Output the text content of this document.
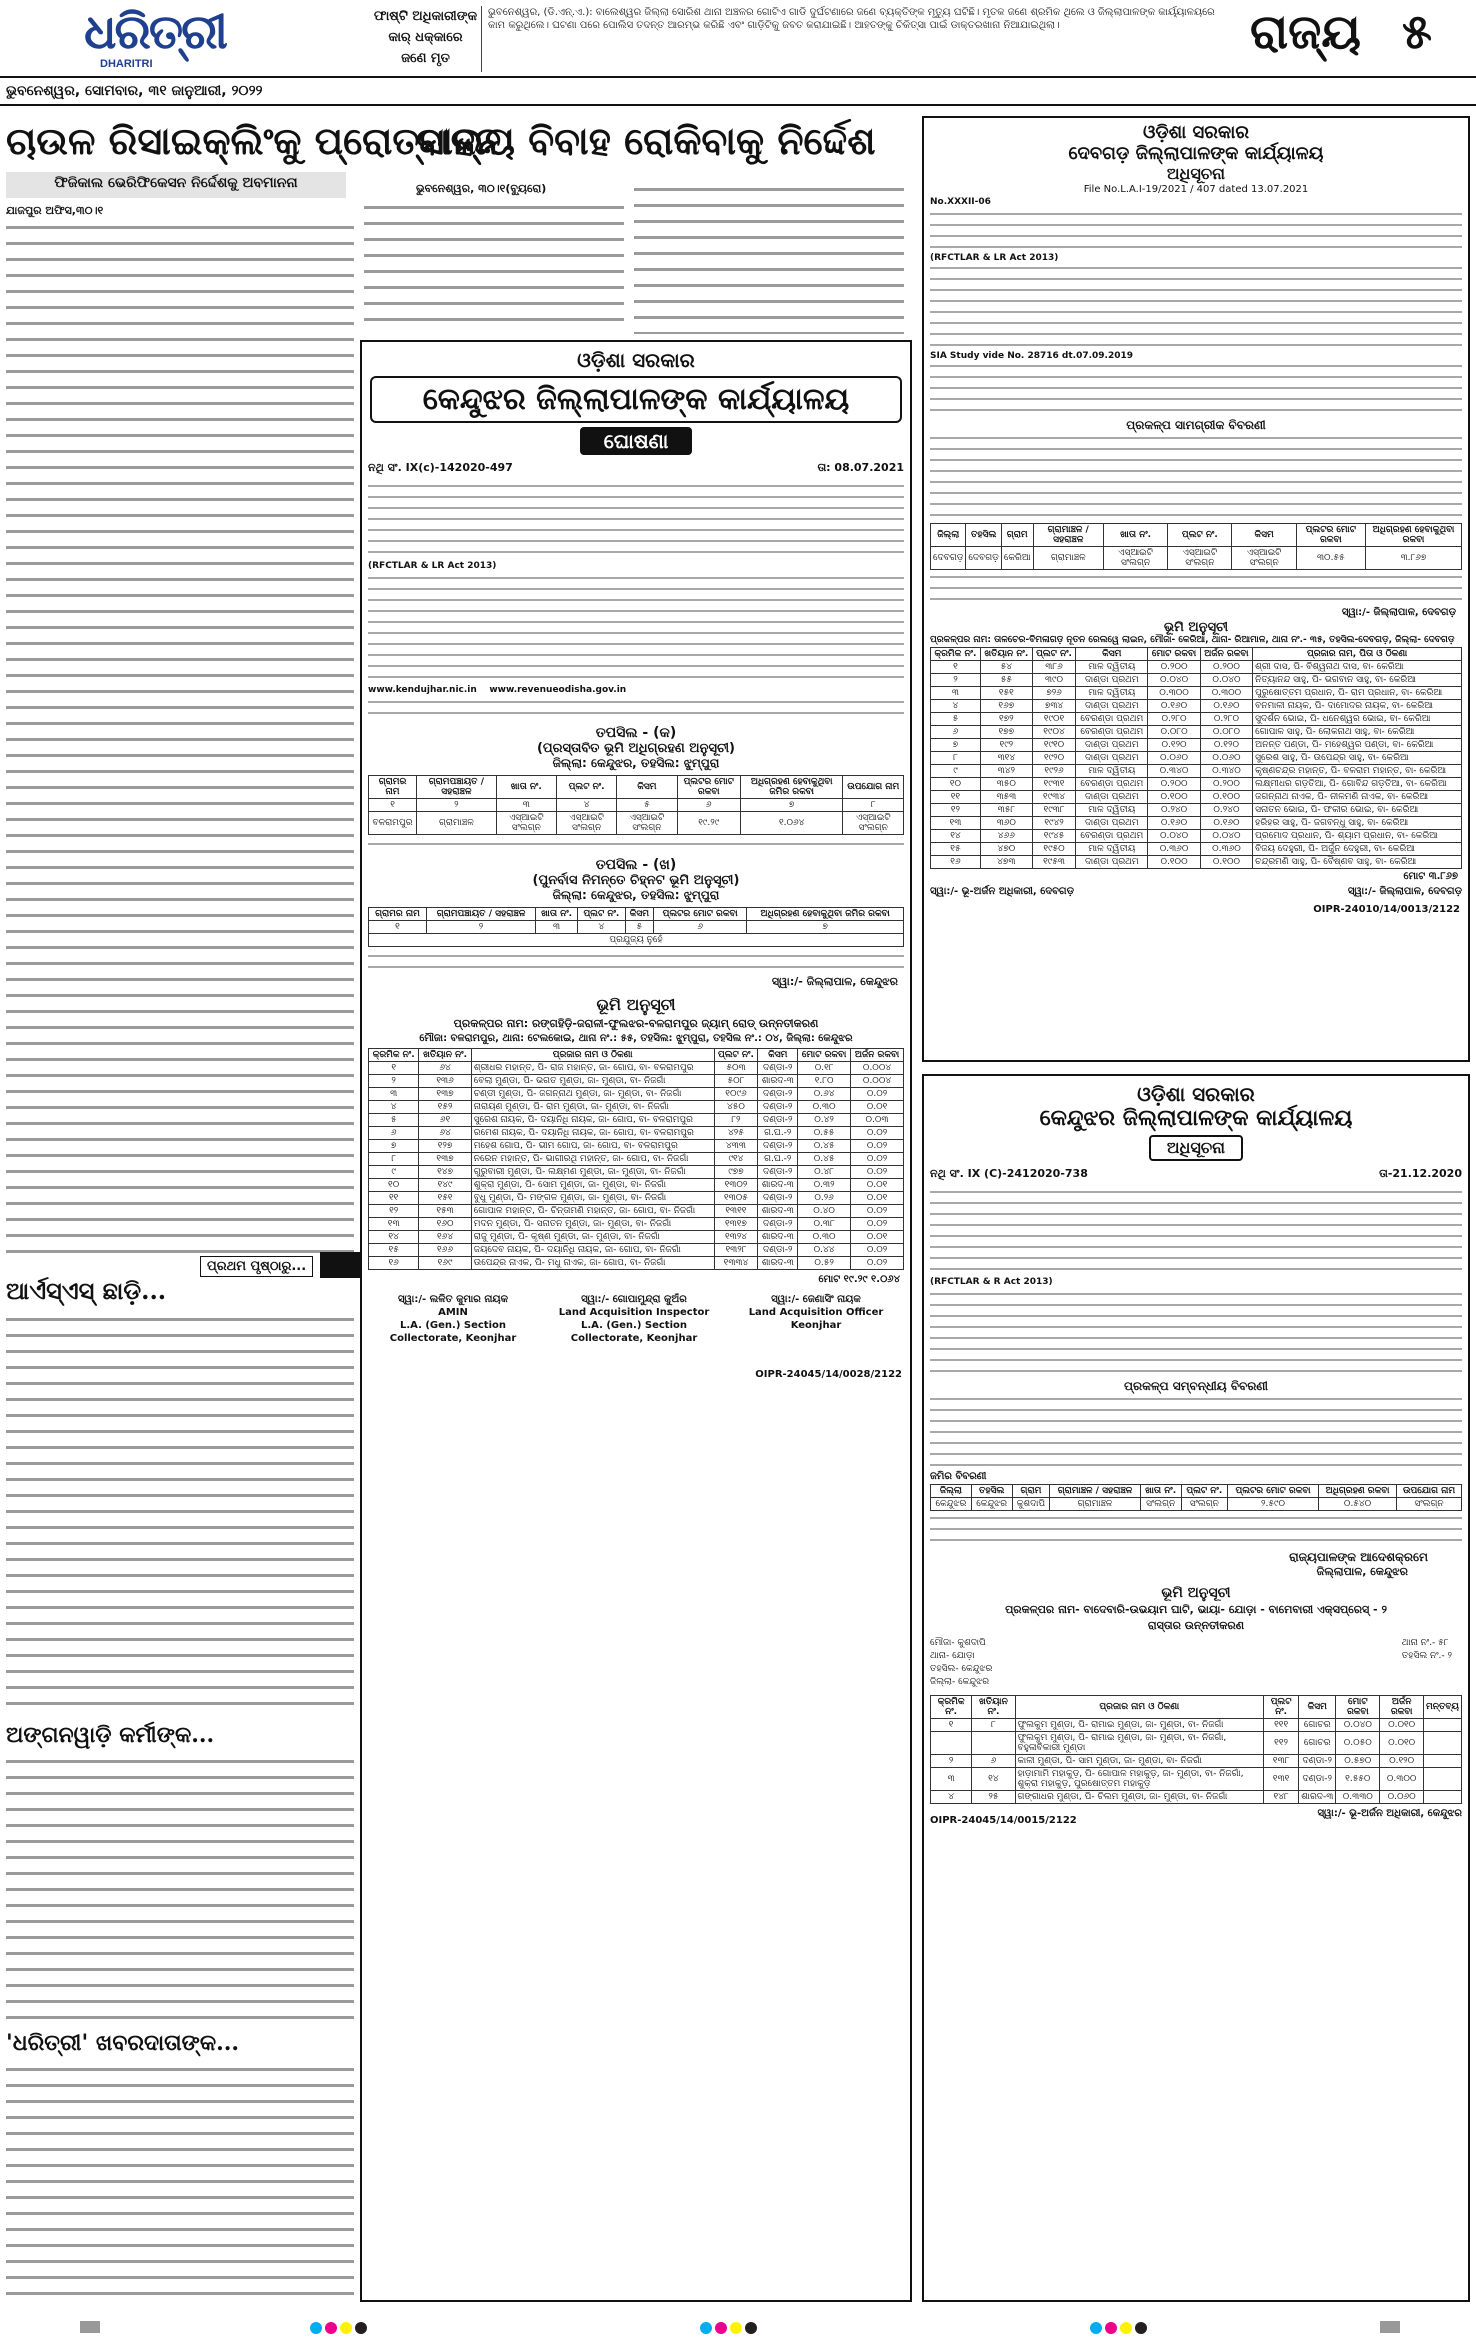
ଧରିତ୍ରୀ
DHARITRI
ଫାଷ୍ଟି ଅଧିକାରୀଙ୍କ
କାର୍ ଧକ୍କାରେ
ଜଣେ ମୃତ
ଭୁବନେଶ୍ୱର, (ଡି.ଏନ୍.ଏ.): ବାଲେଶ୍ୱର ଜିଲ୍ଲା ସୋରିଶ ଥାନା ଅଞ୍ଚଳର ଗୋଟିଏ ଗାଡି ଦୁର୍ଘଟଣାରେ ଜଣେ ବ୍ୟକ୍ତିଙ୍କ ମୃତ୍ୟୁ ଘଟିଛି। ମୃତକ ଜଣେ ଶ୍ରମିକ ଥିଲେ ଓ ଜିଲ୍ଲାପାଳଙ୍କ କାର୍ୟ୍ୟାଳୟରେ କାମ କରୁଥିଲେ। ଘଟଣା ପରେ ପୋଲିସ ତଦନ୍ତ ଆରମ୍ଭ କରିଛି ଏବଂ ଗାଡ଼ିଟିକୁ ଜବତ କରାଯାଇଛି। ଆହତଙ୍କୁ ଚିକିତ୍ସା ପାଇଁ ଡାକ୍ତରଖାନା ନିଆଯାଇଥିଲା।	ରାଜ୍ୟ ୫
ଭୁବନେଶ୍ୱର, ସୋମବାର, ୩୧ ଜାନୁଆରୀ, ୨୦୨୨
ଚାଉଳ ରିସାଇକ୍ଲିଂକୁ ପ୍ରୋତ୍ସାହନ
ବାଲ୍ୟ ବିବାହ ରୋକିବାକୁ ନିର୍ଦ୍ଦେଶ
ଫିଜିକାଲ ଭେରିଫିକେସନ ନିର୍ଦ୍ଦେଶକୁ ଅବମାନନା
ଯାଜପୁର ଅଫିସ,୩୦।୧
ଭୁବନେଶ୍ୱର, ୩୦।୧(ବ୍ୟୁରୋ)
ପ୍ରଥମ ପୃଷ୍ଠାରୁ...
ଆର୍ଏସ୍ଏସ୍ ଛାଡ଼ି...
ଅଙ୍ଗନୱାଡ଼ି କର୍ମୀଙ୍କ...
'ଧରିତ୍ରୀ' ଖବରଦାତାଙ୍କ...
ଓଡ଼ିଶା ସରକାର
କେନ୍ଦୁଝର ଜିଲ୍ଲାପାଳଙ୍କ କାର୍ଯ୍ୟାଳୟ
ଘୋଷଣା
ନଥି ସଂ. IX(c)-142020-497	ତା: 08.07.2021
(RFCTLAR & LR Act 2013)
www.kendujhar.nic.in www.revenueodisha.gov.in
ତପସିଲ - (କ)
(ପ୍ରସ୍ତାବିତ ଭୂମି ଅଧିଗ୍ରହଣ ଅନୁସୂଚୀ)
ଜିଲ୍ଲା: କେନ୍ଦୁଝର, ତହସିଲ: ଝୁମ୍ପୁରା
ଗ୍ରାମର ନାମ	ଗ୍ରାମପଞ୍ଚାୟତ / ସହରାଞ୍ଚଳ	ଖାତା ନଂ.	ପ୍ଲଟ ନଂ.	କିସମ	ପ୍ଲଟର ମୋଟ ରକବା	ଅଧିଗ୍ରହଣ ହେବାକୁଥିବା ଜମିର ରକବା	ଉପଯୋଗ ନାମ
୧	୨	୩	୪	୫	୬	୭	୮
ବଳରାମପୁର	ଗ୍ରାମାଞ୍ଚଳ	ଏସ୍ଆଇଟି ସଂଲଗ୍ନ	ଏସ୍ଆଇଟି ସଂଲଗ୍ନ	ଏସ୍ଆଇଟି ସଂଲଗ୍ନ	୧୯.୨୯	୧.୦୬୪	ଏସ୍ଆଇଟି ସଂଲଗ୍ନ
ତପସିଲ - (ଖ)
(ପୁନର୍ବାସ ନିମନ୍ତେ ଚିହ୍ନଟ ଭୂମି ଅନୁସୂଚୀ)
ଜିଲ୍ଲା: କେନ୍ଦୁଝର, ତହସିଲ: ଝୁମ୍ପୁରା
ଗ୍ରାମର ନାମ	ଗ୍ରାମପଞ୍ଚାୟତ / ସହରାଞ୍ଚଳ	ଖାତା ନଂ.	ପ୍ଲଟ ନଂ.	କିସମ	ପ୍ଲଟର ମୋଟ ରକବା	ଅଧିଗ୍ରହଣ ହେବାକୁଥିବା ଜମିର ରକବା
୧	୨	୩	୪	୫	୬	୭
ପ୍ରଯୁଜ୍ୟ ନୁହେଁ						
ସ୍ୱା:/- ଜିଲ୍ଲାପାଳ, କେନ୍ଦୁଝର
ଭୂମି ଅନୁସୂଚୀ
ପ୍ରକଳ୍ପର ନାମ: ରଙ୍ଗହିଡ଼ି-ଜରାଳୀ-ଫୁଲଝର-ବଳରାମପୁର ଜ୍ୟାମ୍ ରୋଡ୍ ଉନ୍ନତୀକରଣ
ମୌଜା: ବଳରାମପୁର, ଥାନା: ଟେଲକୋଇ, ଥାନା ନଂ.: ୫୫, ତହସିଲ: ଝୁମ୍ପୁରା, ତହସିଲ ନଂ.: ୦୪, ଜିଲ୍ଲା: କେନ୍ଦୁଝର
କ୍ରମିକ ନଂ.	ଖତିୟାନ ନଂ.	ପ୍ରଜାର ନାମ ଓ ଠିକଣା	ପ୍ଲଟ ନଂ.	କିସମ	ମୋଟ ରକବା	ଅର୍ଜନ ରକବା
୧	୬୪	ଶ୍ରୀଧର ମହାନ୍ତ, ପି- ରାଜ ମହାନ୍ତ, ଜା- ଗୋପ, ବା- ବଳରାମପୁର	୫୦୩	ଦଣ୍ଡା-୨	୦.୧୮	୦.୦୦୪
୨	୧୩୬	ବେଲା ମୁଣ୍ଡା, ପି- ଭଗତ ମୁଣ୍ଡା, ଜା- ମୁଣ୍ଡା, ବା- ନିଜଗାଁ	୫୦୮	ଶାରଦ-୩	୧.୮୦	୦.୦୦୪
୩	୧୩୭	ଚଣ୍ଡୀ ମୁଣ୍ଡା, ପି- ଜଗନ୍ନାଥ ମୁଣ୍ଡା, ଜା- ମୁଣ୍ଡା, ବା- ନିଜଗାଁ	୧୦୯୬	ଦଣ୍ଡା-୨	୦.୬୪	୦.୦୨
୪	୧୫୨	ନାରାୟଣ ମୁଣ୍ଡା, ପି- ରାମ ମୁଣ୍ଡା, ଜା- ମୁଣ୍ଡା, ବା- ନିଜଗାଁ	୪୫୦	ଦଣ୍ଡା-୨	୦.୩୦	୦.୦୧
୫	୬୧	ସୁରେଶ ନାୟକ, ପି- ଦୟାନିଧି ନାୟକ, ଜା- ଗୋପ, ବା- ବଳରାମପୁର	୮୨	ଦଣ୍ଡା-୨	୦.୪୨	୦.୦୩
୬	୬୪	ରମେଶ ନାୟକ, ପି- ଦୟାନିଧି ନାୟକ, ଜା- ଗୋପ, ବା- ବଳରାମପୁର	୪୨୫	ଗ.ଘ.-୨	୦.୫୫	୦.୦୨
୭	୧୨୭	ମହେଶ ଗୋପ, ପି- ଭୀମ ଗୋପ, ଜା- ଗୋପ, ବା- ବଳରାମପୁର	୪୩୩	ଦଣ୍ଡା-୨	୦.୪୫	୦.୦୨
୮	୧୩୭	ନରେନ ମହାନ୍ତ, ପି- ଭାଗୀରଥି ମହାନ୍ତ, ଜା- ଗୋପ, ବା- ନିଜଗାଁ	୯୧୪	ଗ.ଘ.-୨	୦.୪୫	୦.୦୨
୯	୧୪୭	ଗୁରୁବାରୀ ମୁଣ୍ଡା, ପି- ଲକ୍ଷ୍ମଣ ମୁଣ୍ଡା, ଜା- ମୁଣ୍ଡା, ବା- ନିଜଗାଁ	୯୭୭	ଦଣ୍ଡା-୨	୦.୪୮	୦.୦୨
୧୦	୧୪୯	ଶୁକ୍ରା ମୁଣ୍ଡା, ପି- ସୋମ ମୁଣ୍ଡା, ଜା- ମୁଣ୍ଡା, ବା- ନିଜଗାଁ	୧୩୦୨	ଶାରଦ-୩	୦.୩୨	୦.୦୧
୧୧	୧୫୧	ବୁଧୁ ମୁଣ୍ଡା, ପି- ମଙ୍ଗଳ ମୁଣ୍ଡା, ଜା- ମୁଣ୍ଡା, ବା- ନିଜଗାଁ	୧୩୦୫	ଦଣ୍ଡା-୨	୦.୨୬	୦.୦୧
୧୨	୧୫୩	ଗୋପାଳ ମହାନ୍ତ, ପି- ଚିନ୍ତାମଣି ମହାନ୍ତ, ଜା- ଗୋପ, ବା- ନିଜଗାଁ	୧୩୧୧	ଶାରଦ-୩	୦.୪୦	୦.୦୨
୧୩	୧୬୦	ମଦନ ମୁଣ୍ଡା, ପି- ସନାତନ ମୁଣ୍ଡା, ଜା- ମୁଣ୍ଡା, ବା- ନିଜଗାଁ	୧୩୧୭	ଦଣ୍ଡା-୨	୦.୩୮	୦.୦୨
୧୪	୧୬୪	ରାଜୁ ମୁଣ୍ଡା, ପି- କୃଷ୍ଣ ମୁଣ୍ଡା, ଜା- ମୁଣ୍ଡା, ବା- ନିଜଗାଁ	୧୩୨୪	ଶାରଦ-୩	୦.୩୦	୦.୦୧
୧୫	୧୬୬	ଜୟଦେବ ନାୟକ, ପି- ଦୟାନିଧି ନାୟକ, ଜା- ଗୋପ, ବା- ନିଜଗାଁ	୧୩୨୮	ଦଣ୍ଡା-୨	୦.୪୪	୦.୦୨
୧୬	୧୬୯	ଉପେନ୍ଦ୍ର ନାଏକ, ପି- ମଧୁ ନାଏକ, ଜା- ଗୋପ, ବା- ନିଜଗାଁ	୧୩୩୪	ଶାରଦ-୩	୦.୫୨	୦.୦୨
ମୋଟ ୧୯.୨୯ ୧.୦୬୪
ସ୍ୱା:/- ଲଳିତ କୁମାର ନାୟକ
AMIN
L.A. (Gen.) Section
Collectorate, Keonjhar
ସ୍ୱା:/- ଗୋପାମୁନ୍ଦ୍ରା କୁଅଁର
Land Acquisition Inspector
L.A. (Gen.) Section
Collectorate, Keonjhar
ସ୍ୱା:/- ଜେଣାସିଂ ନାୟକ
Land Acquisition Officer
Keonjhar
OIPR-24045/14/0028/2122
ଓଡ଼ିଶା ସରକାର
ଦେବଗଡ଼ ଜିଲ୍ଲାପାଳଙ୍କ କାର୍ଯ୍ୟାଳୟ
ଅଧିସୂଚନା
File No.L.A.I-19/2021 / 407 dated 13.07.2021
No.XXXII-06
(RFCTLAR & LR Act 2013)
SIA Study vide No. 28716 dt.07.09.2019
ପ୍ରକଳ୍ପ ସାମଗ୍ରୀକ ବିବରଣୀ
ଜିଲ୍ଲା	ତହସିଲ	ଗ୍ରାମ	ଗ୍ରାମାଞ୍ଚଳ / ସହରାଞ୍ଚଳ	ଖାତା ନଂ.	ପ୍ଲଟ ନଂ.	କିସମ	ପ୍ଲଟର ମୋଟ ରକବା	ଅଧିଗ୍ରହଣ ହେବାକୁଥିବା ରକବା
ଦେବଗଡ଼	ଦେବଗଡ଼	କେରିଆ	ଗ୍ରାମାଞ୍ଚଳ	ଏସ୍ଆଇଟି ସଂଲଗ୍ନ	ଏସ୍ଆଇଟି ସଂଲଗ୍ନ	ଏସ୍ଆଇଟି ସଂଲଗ୍ନ	୩୦.୫୫	୩.୮୬୭
ସ୍ୱା:/- ଜିଲ୍ଲାପାଳ, ଦେବଗଡ଼
ଭୂମି ଅନୁସୂଚୀ
ପ୍ରକଳ୍ପର ନାମ: ତାଳଚେର-ବିମଳାଗଡ଼ ନୂତନ ରେଲୱେ ଲାଇନ, ମୌଜା- କେରିଆ, ଥାନା- ରିଆମାଳ, ଥାନା ନଂ.- ୩୫, ତହସିଲ-ଦେବଗଡ଼, ଜିଲ୍ଲା- ଦେବଗଡ଼
କ୍ରମିକ ନଂ.	ଖତିୟାନ ନଂ.	ପ୍ଲଟ ନଂ.	କିସମ	ମୋଟ ରକବା	ଅର୍ଜନ ରକବା	ପ୍ରଜାର ନାମ, ପିତା ଓ ଠିକଣା
୧	୫୪	୩୮୬	ମାଳ ଦ୍ୱିତୀୟ	୦.୨୦୦	୦.୨୦୦	ଶ୍ରୀ ଦାସ, ପି- ବିଶ୍ୱନାଥ ଦାସ, ବା- କେରିଆ
୨	୫୫	୩୯୦	ଦାଣ୍ଡା ପ୍ରଥମ	୦.୦୪୦	୦.୦୪୦	ନିତ୍ୟାନନ୍ଦ ସାହୁ, ପି- ଭଗବାନ ସାହୁ, ବା- କେରିଆ
୩	୧୫୧	୭୨୬	ମାଳ ଦ୍ୱିତୀୟ	୦.୩୦୦	୦.୩୦୦	ପୁରୁଷୋତ୍ତମ ପ୍ରଧାନ, ପି- ରାମ ପ୍ରଧାନ, ବା- କେରିଆ
୪	୧୬୭	୭୩୪	ଦାଣ୍ଡା ପ୍ରଥମ	୦.୧୬୦	୦.୧୬୦	ବନମାଳୀ ନାୟକ, ପି- ଦାମୋଦର ନାୟକ, ବା- କେରିଆ
୫	୧୭୨	୧୯୦୧	ବେରଣ୍ଡା ପ୍ରଥମ	୦.୨୮୦	୦.୨୮୦	ସୁଦର୍ଶନ ଭୋଇ, ପି- ଧନେଶ୍ୱର ଭୋଇ, ବା- କେରିଆ
୬	୧୭୭	୧୯୦୪	ବେରଣ୍ଡା ପ୍ରଥମ	୦.୦୮୦	୦.୦୮୦	ଗୋପାଳ ସାହୁ, ପି- ଲୋକନାଥ ସାହୁ, ବା- କେରିଆ
୭	୧୯୨	୧୯୧୦	ଦାଣ୍ଡା ପ୍ରଥମ	୦.୧୨୦	୦.୧୨୦	ଅନନ୍ତ ପଣ୍ଡା, ପି- ମହେଶ୍ୱର ପଣ୍ଡା, ବା- କେରିଆ
୮	୩୧୪	୧୯୨୦	ଦାଣ୍ଡା ପ୍ରଥମ	୦.୦୬୦	୦.୦୬୦	ସୁରେଶ ସାହୁ, ପି- ଉପେନ୍ଦ୍ର ସାହୁ, ବା- କେରିଆ
୯	୩୪୨	୧୯୨୬	ମାଳ ଦ୍ୱିତୀୟ	୦.୩୪୦	୦.୩୪୦	କୃଷ୍ଣଚନ୍ଦ୍ର ମହାନ୍ତ, ପି- ବଳରାମ ମହାନ୍ତ, ବା- କେରିଆ
୧୦	୩୫୦	୧୯୩୧	ବେରଣ୍ଡା ପ୍ରଥମ	୦.୨୦୦	୦.୨୦୦	ଲକ୍ଷ୍ମୀଧର ଗଡ଼ତିଆ, ପି- ଗୋବିନ୍ଦ ଗଡ଼ତିଆ, ବା- କେରିଆ
୧୧	୩୫୩	୧୯୩୪	ଦାଣ୍ଡା ପ୍ରଥମ	୦.୧୦୦	୦.୧୦୦	ଜଗନ୍ନାଥ ନାଏକ, ପି- ନୀଳମଣି ନାଏକ, ବା- କେରିଆ
୧୨	୩୫୮	୧୯୩୮	ମାଳ ଦ୍ୱିତୀୟ	୦.୨୪୦	୦.୨୪୦	ସନାତନ ଭୋଇ, ପି- ଫକୀର ଭୋଇ, ବା- କେରିଆ
୧୩	୩୬୦	୧୯୪୨	ଦାଣ୍ଡା ପ୍ରଥମ	୦.୧୬୦	୦.୧୬୦	ହରିହର ସାହୁ, ପି- ଜଗବନ୍ଧୁ ସାହୁ, ବା- କେରିଆ
୧୪	୪୬୬	୧୯୪୫	ବେରଣ୍ଡା ପ୍ରଥମ	୦.୦୪୦	୦.୦୪୦	ପ୍ରମୋଦ ପ୍ରଧାନ, ପି- ଶ୍ୟାମ ପ୍ରଧାନ, ବା- କେରିଆ
୧୫	୪୭୦	୧୯୫୦	ମାଳ ଦ୍ୱିତୀୟ	୦.୩୬୦	୦.୩୬୦	ବିଜୟ ଦେହୁରୀ, ପି- ଅର୍ଜୁନ ଦେହୁରୀ, ବା- କେରିଆ
୧୬	୪୭୩	୧୯୫୩	ଦାଣ୍ଡା ପ୍ରଥମ	୦.୧୦୦	୦.୧୦୦	ଚନ୍ଦ୍ରମଣି ସାହୁ, ପି- ବୈଷ୍ଣବ ସାହୁ, ବା- କେରିଆ
ମୋଟ ୩.୮୬୭
ସ୍ୱା:/- ଭୂ-ଅର୍ଜନ ଅଧିକାରୀ, ଦେବଗଡ଼	ସ୍ୱା:/- ଜିଲ୍ଲାପାଳ, ଦେବଗଡ଼
OIPR-24010/14/0013/2122
ଓଡ଼ିଶା ସରକାର
କେନ୍ଦୁଝର ଜିଲ୍ଲାପାଳଙ୍କ କାର୍ଯ୍ୟାଳୟ
ଅଧିସୂଚନା
ନଥି ସଂ. IX (C)-2412020-738	ତା-21.12.2020
(RFCTLAR & R Act 2013)
ପ୍ରକଳ୍ପ ସମ୍ବନ୍ଧୀୟ ବିବରଣୀ
ଜମିର ବିବରଣୀ
ଜିଲ୍ଲା	ତହସିଲ	ଗ୍ରାମ	ଗ୍ରାମାଞ୍ଚଳ / ସହରାଞ୍ଚଳ	ଖାତା ନଂ.	ପ୍ଲଟ ନଂ.	ପ୍ଲଟର ମୋଟ ରକବା	ଅଧିଗ୍ରହଣ ରକବା	ଉପଯୋଗ ନାମ
କେନ୍ଦୁଝର	କେନ୍ଦୁଝର	କୁଶଦାପି	ଗ୍ରାମାଞ୍ଚଳ	ସଂଲଗ୍ନ	ସଂଲଗ୍ନ	୨.୫୯୦	୦.୫୪୦	ସଂଲଗ୍ନ
ରାଜ୍ୟପାଳଙ୍କ ଆଦେଶକ୍ରମେ
ଜିଲ୍ଲାପାଳ, କେନ୍ଦୁଝର
ଭୂମି ଅନୁସୂଚୀ
ପ୍ରକଳ୍ପର ନାମ- ବାଦେବାରି-ଉଭୟାମ ଘାଟି, ଭାୟା- ଯୋଡ଼ା - ବାମେବାରୀ ଏକ୍ସପ୍ରେସ୍ - ୨
ରାସ୍ତାର ଉନ୍ନତୀକରଣ
ମୌଜା- କୁଶଦାପି
ଥାନା- ଯୋଡ଼ା
ତହସିଲ- କେନ୍ଦୁଝର
ଜିଲ୍ଲା- କେନ୍ଦୁଝର
ଥାନା ନଂ.- ୫୮
ତହସିଲ ନଂ.- ୨
କ୍ରମିକ ନଂ.	ଖତିୟାନ ନଂ.	ପ୍ରଜାର ନାମ ଓ ଠିକଣା	ପ୍ଲଟ ନଂ.	କିସମ	ମୋଟ ରକବା	ଅର୍ଜନ ରକବା	ମନ୍ତବ୍ୟ
୧	୮	ଫୁଲକୁମ ମୁଣ୍ଡା, ପି- ରାମାଇ ମୁଣ୍ଡା, ଜା- ମୁଣ୍ଡା, ବା- ନିଜଗାଁ	୧୧୧	ଗୋଚର	୦.୦୪୦	୦.୦୧୦	
		ଫୁଲକୁମ ମୁଣ୍ଡା, ପି- ରାମାଇ ମୁଣ୍ଡା, ଜା- ମୁଣ୍ଡା, ବା- ନିଜଗାଁ, ବହୁଳାବିକାରୀ ମୁଣ୍ଡା	୧୧୨	ଗୋଚର	୦.୦୫୦	୦.୦୧୦	
୨	୬	କାଳୀ ମୁଣ୍ଡା, ପି- ସାମ ମୁଣ୍ଡା, ଜା- ମୁଣ୍ଡା, ବା- ନିଜଗାଁ	୧୩୮	ଦଣ୍ଡା-୨	୦.୫୭୦	୦.୧୨୦	
୩	୧୪	ହାଡ଼ାମାମି ମହାକୁଡ଼, ପି- ଗୋପାଳ ମହାକୁଡ଼, ଜା- ମୁଣ୍ଡା, ବା- ନିଜଗାଁ, ଶୁକ୍ରା ମହାକୁଡ଼, ପୁରଷୋତ୍ତମ ମହାକୁଡ଼	୧୩୧	ଦଣ୍ଡା-୨	୧.୫୫୦	୦.୩୦୦	
୪	୨୫	ଗଙ୍ଗାଧର ମୁଣ୍ଡା, ପି- ଚିଲମ ମୁଣ୍ଡା, ଜା- ମୁଣ୍ଡା, ବା- ନିଜଗାଁ	୧୪୮	ଶାରଦ-୩	୦.୩୩୦	୦.୦୬୦	
OIPR-24045/14/0015/2122
ସ୍ୱା:/- ଭୂ-ଅର୍ଜନ ଅଧିକାରୀ, କେନ୍ଦୁଝର
